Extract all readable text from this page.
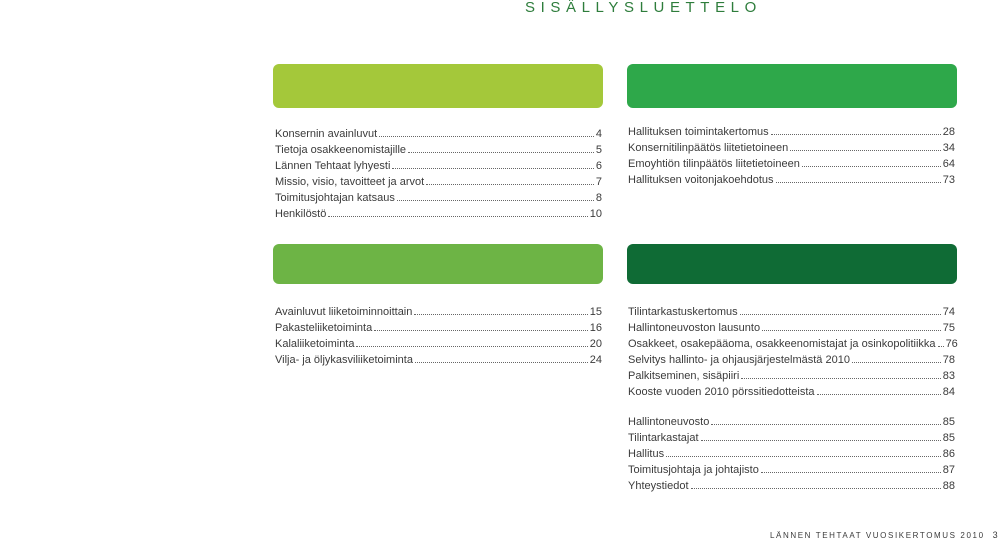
SISÄLLYSLUETTELO
Konsernin avainluvut	4
Tietoja osakkeenomistajille	5
Lännen Tehtaat lyhyesti	6
Missio, visio, tavoitteet ja arvot	7
Toimitusjohtajan katsaus	8
Henkilöstö	10
Hallituksen toimintakertomus	28
Konsernitilinpäätös liitetietoineen	34
Emoyhtiön tilinpäätös liitetietoineen	64
Hallituksen voitonjakoehdotus	73
Avainluvut liiketoiminnoittain	15
Pakasteliiketoiminta	16
Kalaliiketoiminta	20
Vilja- ja öljykasviliiketoiminta	24
Tilintarkastuskertomus	74
Hallintoneuvoston lausunto	75
Osakkeet, osakepääoma, osakkeenomistajat ja osinkopolitiikka 76
Selvitys hallinto- ja ohjausjärjestelmästä 2010	78
Palkitseminen, sisäpiiri	83
Kooste vuoden 2010 pörssitiedotteista	84
Hallintoneuvosto	85
Tilintarkastajat	85
Hallitus	86
Toimitusjohtaja ja johtajisto	87
Yhteystiedot	88
LÄNNEN TEHTAAT VUOSIKERTOMUS 2010 3
